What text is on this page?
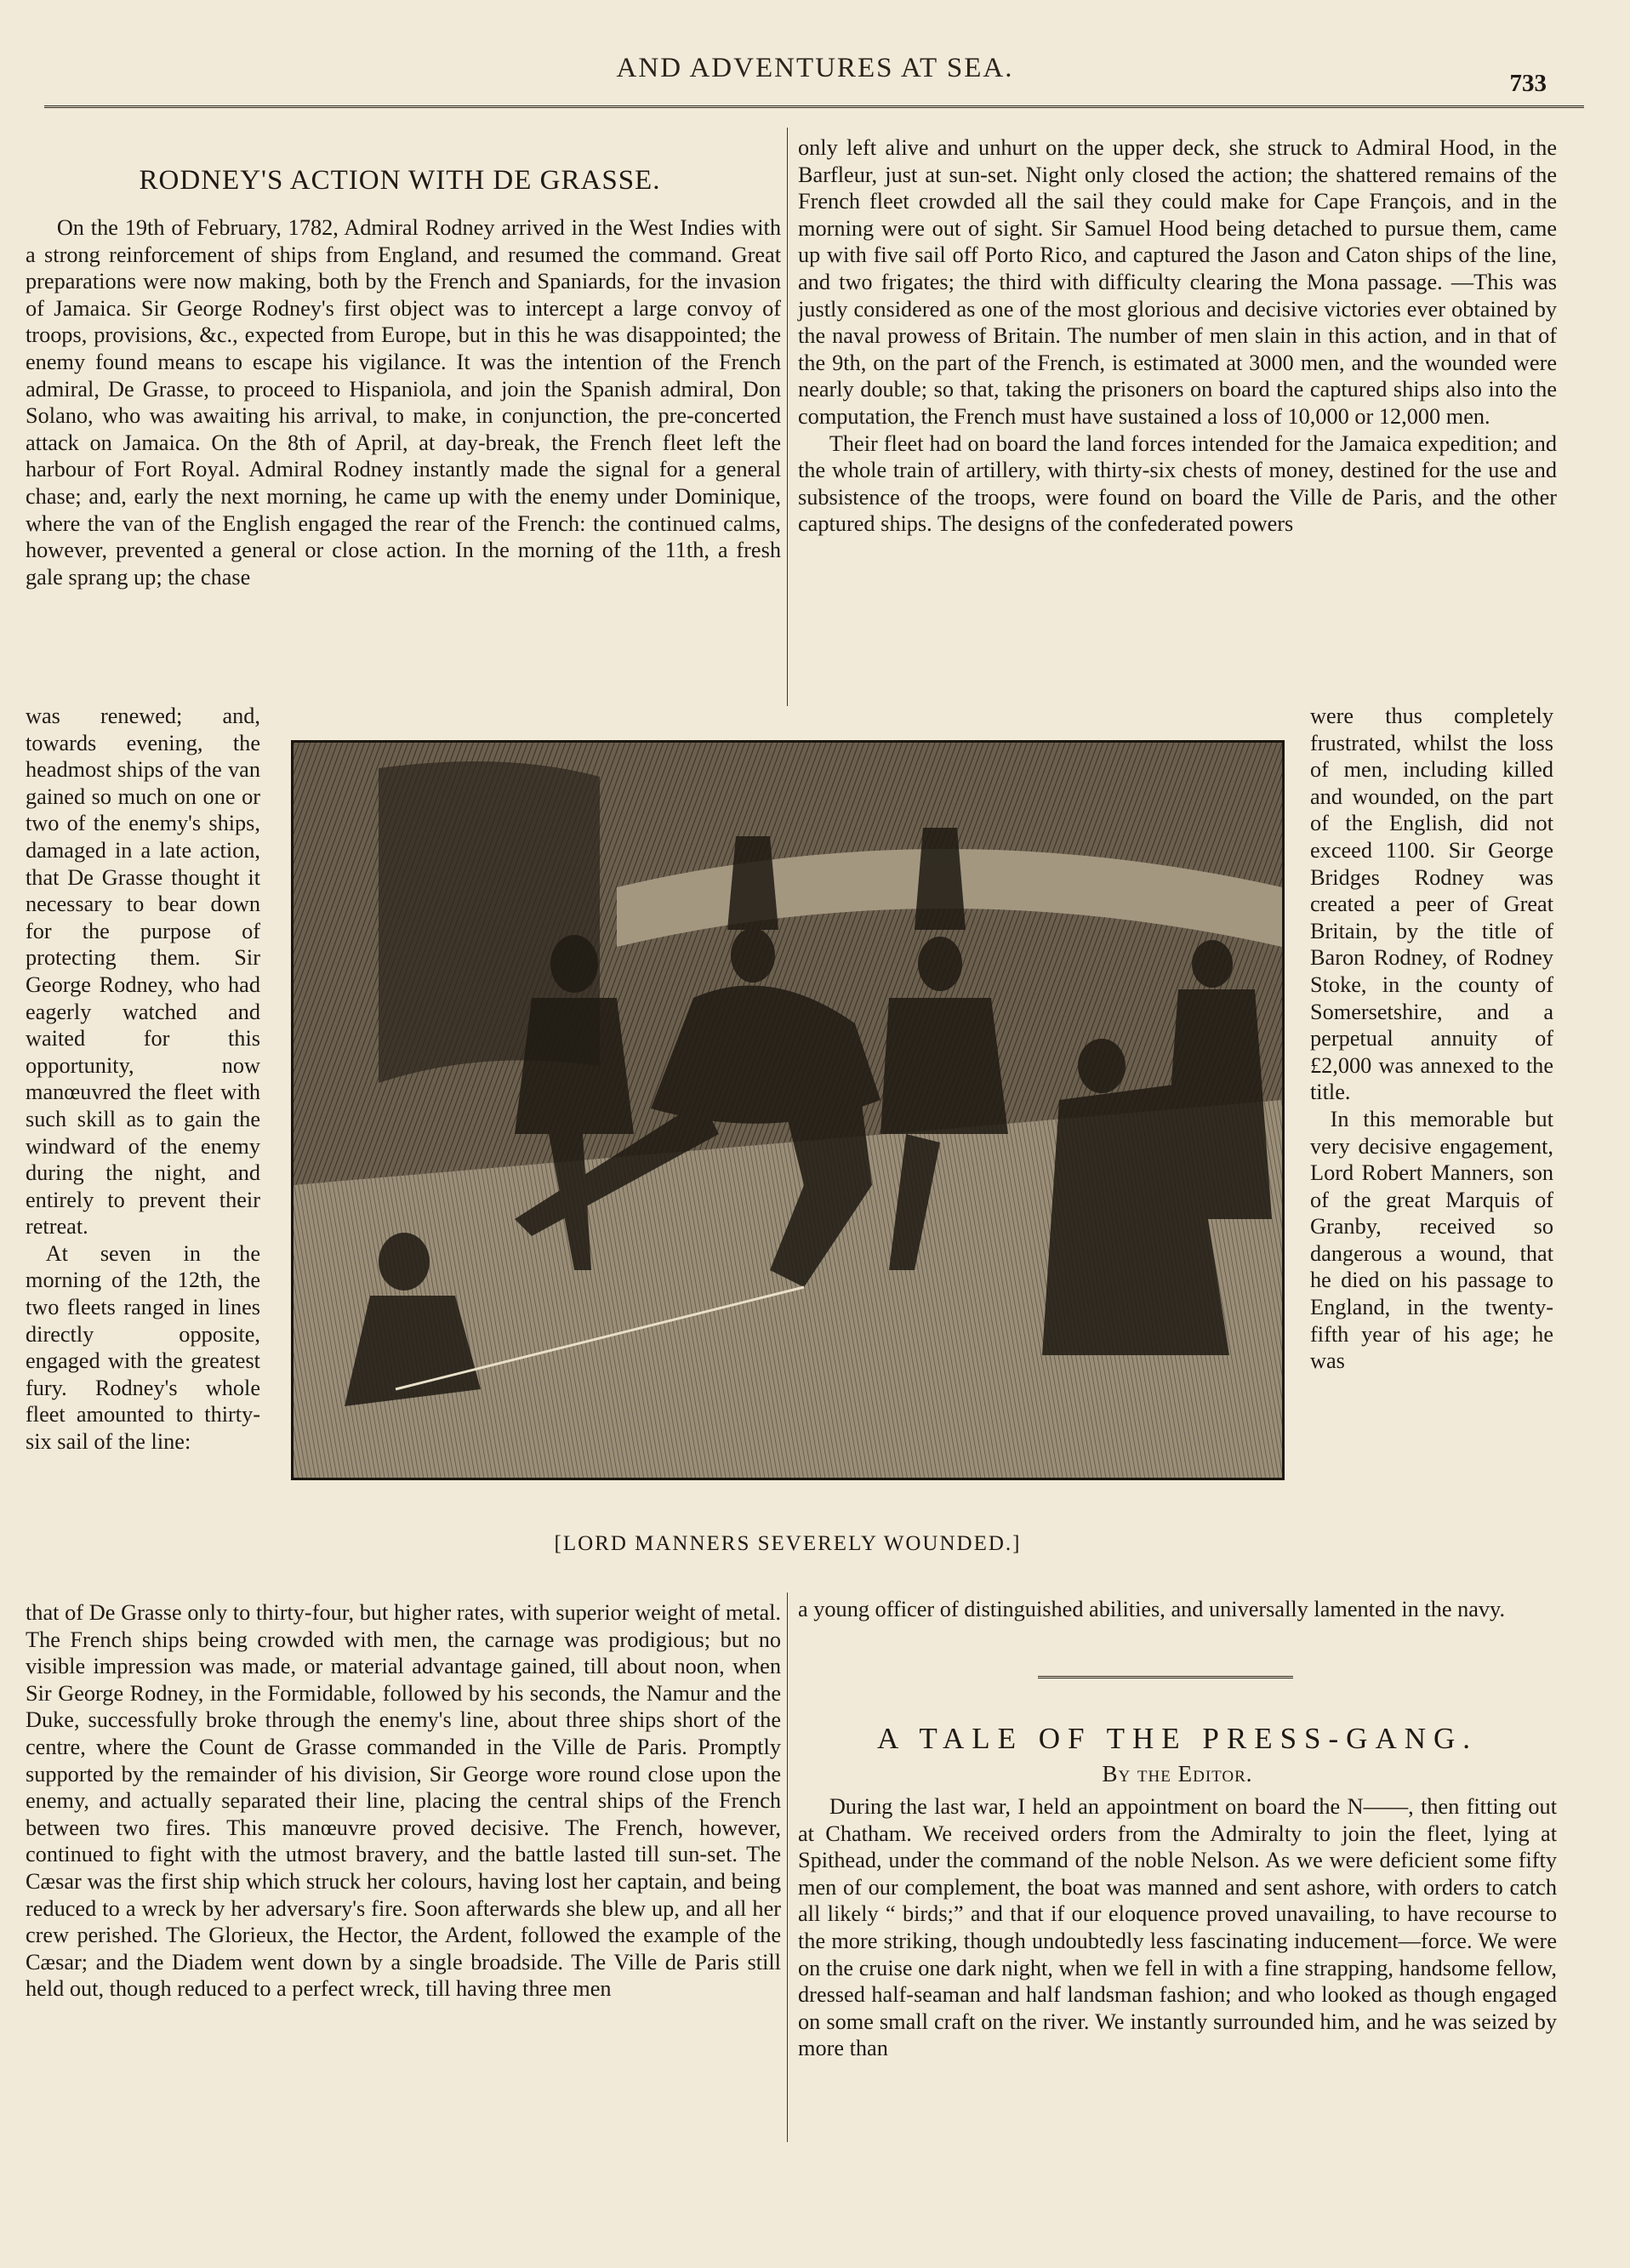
AND ADVENTURES AT SEA.	733
RODNEY'S ACTION WITH DE GRASSE.

On the 19th of February, 1782, Admiral Rodney arrived in the West Indies with a strong reinforcement of ships from England, and resumed the command. Great preparations were now making, both by the French and Spaniards, for the invasion of Jamaica. Sir George Rodney's first object was to intercept a large convoy of troops, provisions, &c., expected from Europe, but in this he was disappointed; the enemy found means to escape his vigilance. It was the intention of the French admiral, De Grasse, to proceed to Hispaniola, and join the Spanish admiral, Don Solano, who was awaiting his arrival, to make, in conjunction, the pre-concerted attack on Jamaica. On the 8th of April, at day-break, the French fleet left the harbour of Fort Royal. Admiral Rodney instantly made the signal for a general chase; and, early the next morning, he came up with the enemy under Dominique, where the van of the English engaged the rear of the French: the continued calms, however, prevented a general or close action. In the morning of the 11th, a fresh gale sprang up; the chase

was renewed; and, towards evening, the headmost ships of the van gained so much on one or two of the enemy's ships, damaged in a late action, that De Grasse thought it necessary to bear down for the purpose of protecting them. Sir George Rodney, who had eagerly watched and waited for this opportunity, now manœuvred the fleet with such skill as to gain the windward of the enemy during the night, and entirely to prevent their retreat.

At seven in the morning of the 12th, the two fleets ranged in lines directly opposite, engaged with the greatest fury. Rodney's whole fleet amounted to thirty-six sail of the line:

that of De Grasse only to thirty-four, but higher rates, with superior weight of metal. The French ships being crowded with men, the carnage was prodigious; but no visible impression was made, or material advantage gained, till about noon, when Sir George Rodney, in the Formidable, followed by his seconds, the Namur and the Duke, successfully broke through the enemy's line, about three ships short of the centre, where the Count de Grasse commanded in the Ville de Paris. Promptly supported by the remainder of his division, Sir George wore round close upon the enemy, and actually separated their line, placing the central ships of the French between two fires. This manœuvre proved decisive. The French, however, continued to fight with the utmost bravery, and the battle lasted till sun-set. The Cæsar was the first ship which struck her colours, having lost her captain, and being reduced to a wreck by her adversary's fire. Soon afterwards she blew up, and all her crew perished. The Glorieux, the Hector, the Ardent, followed the example of the Cæsar; and the Diadem went down by a single broadside. The Ville de Paris still held out, though reduced to a perfect wreck, till having three men

only left alive and unhurt on the upper deck, she struck to Admiral Hood, in the Barfleur, just at sun-set. Night only closed the action; the shattered remains of the French fleet crowded all the sail they could make for Cape François, and in the morning were out of sight. Sir Samuel Hood being detached to pursue them, came up with five sail off Porto Rico, and captured the Jason and Caton ships of the line, and two frigates; the third with difficulty clearing the Mona passage. —This was justly considered as one of the most glorious and decisive victories ever obtained by the naval prowess of Britain. The number of men slain in this action, and in that of the 9th, on the part of the French, is estimated at 3000 men, and the wounded were nearly double; so that, taking the prisoners on board the captured ships also into the computation, the French must have sustained a loss of 10,000 or 12,000 men.

Their fleet had on board the land forces intended for the Jamaica expedition; and the whole train of artillery, with thirty-six chests of money, destined for the use and subsistence of the troops, were found on board the Ville de Paris, and the other captured ships. The designs of the confederated powers

were thus completely frustrated, whilst the loss of men, including killed and wounded, on the part of the English, did not exceed 1100. Sir George Bridges Rodney was created a peer of Great Britain, by the title of Baron Rodney, of Rodney Stoke, in the county of Somersetshire, and a perpetual annuity of £2,000 was annexed to the title.

In this memorable but very decisive engagement, Lord Robert Manners, son of the great Marquis of Granby, received so dangerous a wound, that he died on his passage to England, in the twenty-fifth year of his age; he was

a young officer of distinguished abilities, and universally lamented in the navy.

A TALE OF THE PRESS-GANG.
By the Editor.

During the last war, I held an appointment on board the N——, then fitting out at Chatham. We received orders from the Admiralty to join the fleet, lying at Spithead, under the command of the noble Nelson. As we were deficient some fifty men of our complement, the boat was manned and sent ashore, with orders to catch all likely “ birds;” and that if our eloquence proved unavailing, to have recourse to the more striking, though undoubtedly less fascinating inducement—force. We were on the cruise one dark night, when we fell in with a fine strapping, handsome fellow, dressed half-seaman and half landsman fashion; and who looked as though engaged on some small craft on the river. We instantly surrounded him, and he was seized by more than

[LORD MANNERS SEVERELY WOUNDED.]
